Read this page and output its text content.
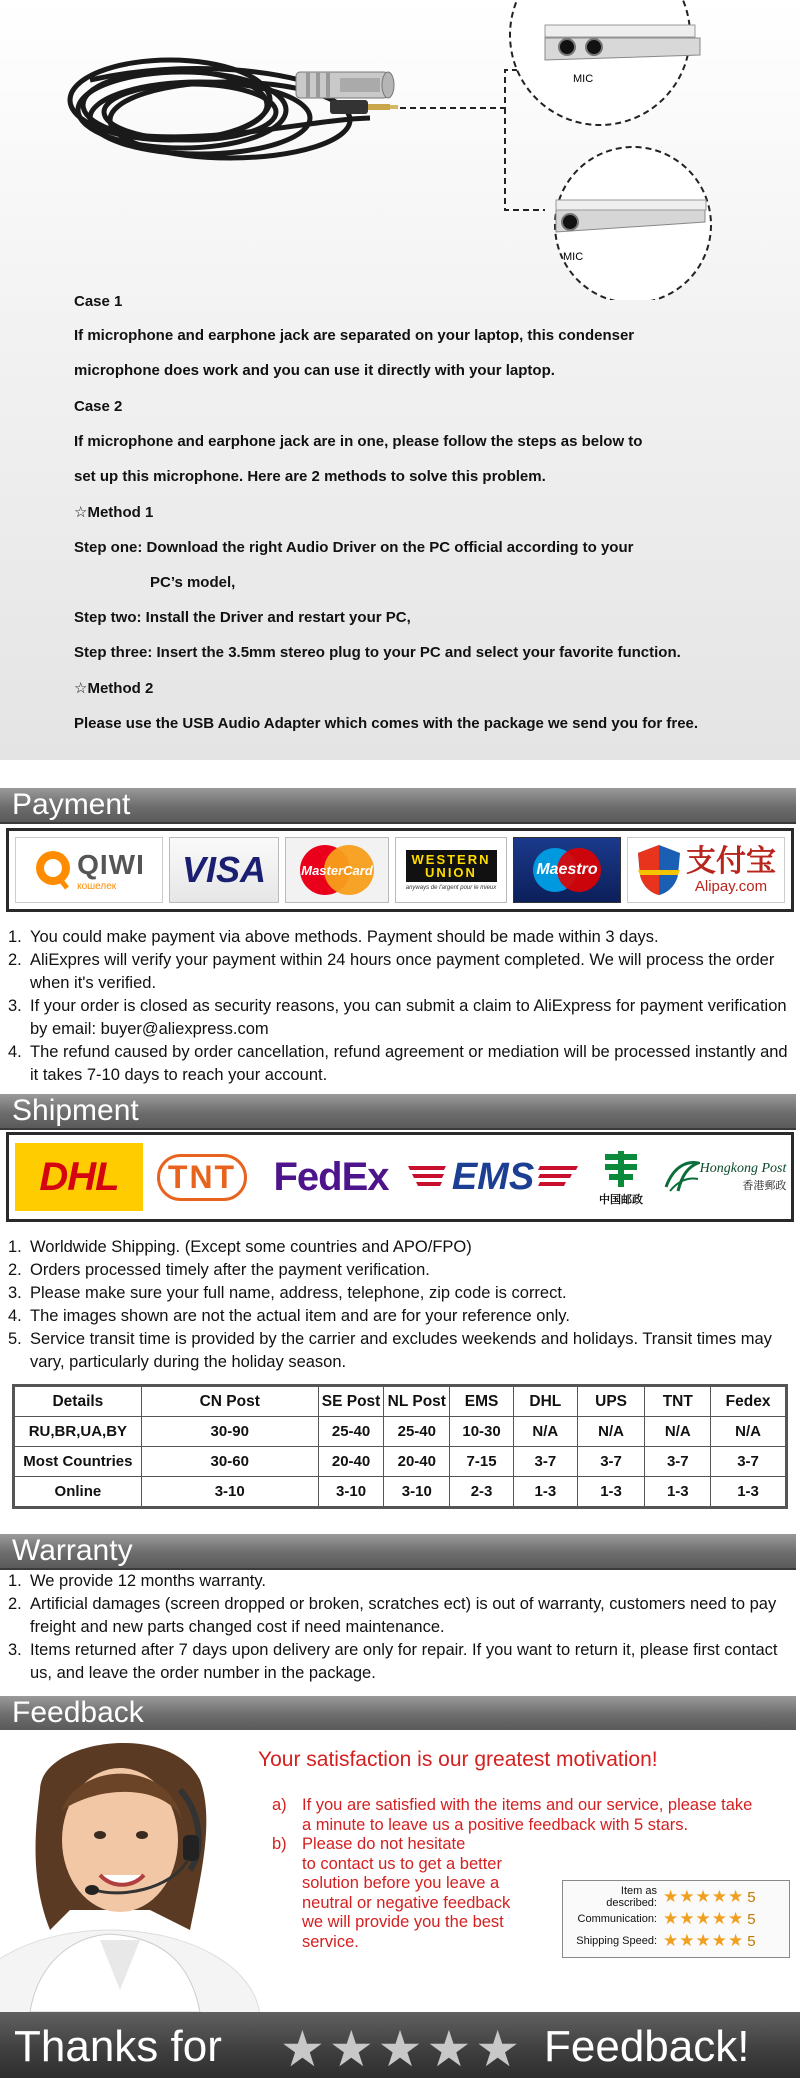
MIC
MIC
Case 1
If microphone and earphone jack are separated on your laptop, this condenser
microphone does work and you can use it directly with your laptop.
Case 2
If microphone and earphone jack are in one, please follow the steps as below to
set up this microphone. Here are 2 methods to solve this problem.
☆Method 1
Step one: Download the right Audio Driver on the PC official according to your
PC’s model,
Step two: Install the Driver and restart your PC,
Step three: Insert the 3.5mm stereo plug to your PC and select your favorite function.
☆Method 2
Please use the USB Audio Adapter which comes with the package we send you for free.
Payment
QIWI
кошелек	VISA	MasterCard
WESTERN
UNION
anyways de l'argent pour le mieux
Maestro	支付宝
Alipay.com
1. You could make payment via above methods. Payment should be made within 3 days.
2. AliExpres will verify your payment within 24 hours once payment completed. We will process the order when it's verified.
3. If your order is closed as security reasons, you can submit a claim to AliExpress for payment verification by email: buyer@aliexpress.com
4. The refund caused by order cancellation, refund agreement or mediation will be processed instantly and it takes 7-10 days to reach your account.
Shipment
DHL	TNT FedEx EMS
中国邮政
Hongkong Post
香港郵政
1. Worldwide Shipping. (Except some countries and APO/FPO)
2. Orders processed timely after the payment verification.
3. Please make sure your full name, address, telephone, zip code is correct.
4. The images shown are not the actual item and are for your reference only.
5. Service transit time is provided by the carrier and excludes weekends and holidays. Transit times may vary, particularly during the holiday season.
Details	CN Post	SE Post	NL Post	EMS	DHL	UPS	TNT	Fedex
RU,BR,UA,BY	30-90	25-40	25-40	10-30	N/A	N/A	N/A	N/A
Most Countries	30-60	20-40	20-40	7-15	3-7	3-7	3-7	3-7
Online	3-10	3-10	3-10	2-3	1-3	1-3	1-3	1-3
Warranty
1. We provide 12 months warranty.
2. Artificial damages (screen dropped or broken, scratches ect) is out of warranty, customers need to pay freight and new parts changed cost if need maintenance.
3. Items returned after 7 days upon delivery are only for repair. If you want to return it, please first contact us, and leave the order number in the package.
Feedback
Item as described: ★★★★★ 5
Communication: ★★★★★ 5
Shipping Speed: ★★★★★ 5
Your satisfaction is our greatest motivation!
a) If you are satisfied with the items and our service, please take a minute to leave us a positive feedback with 5 stars.
b) Please do not hesitate
to contact us to get a better
solution before you leave a
neutral or negative feedback
we will provide you the best
service.
Thanks for ★★★★★ Feedback!
